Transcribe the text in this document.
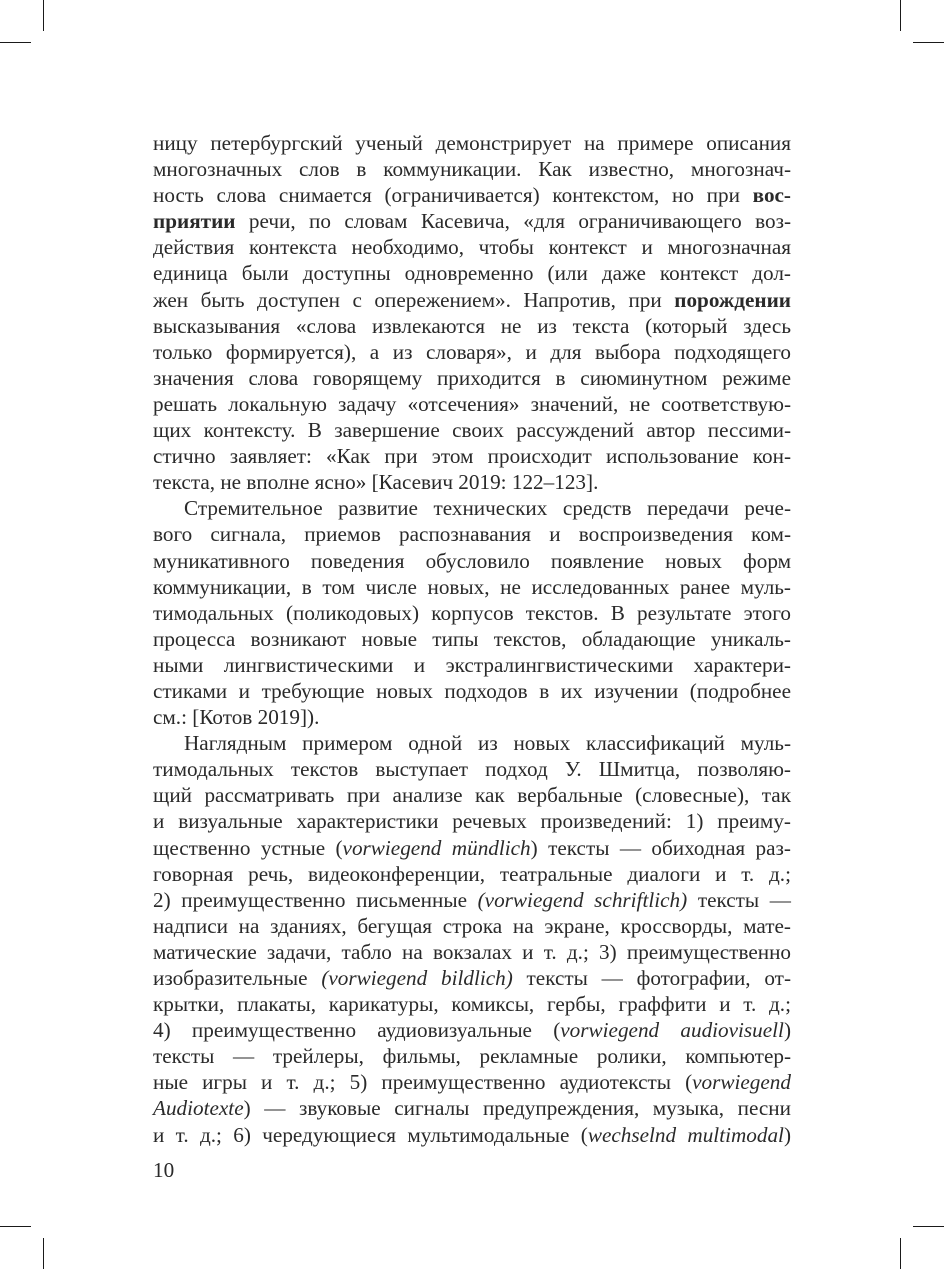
ницу петербургский ученый демонстрирует на примере описания
многозначных слов в коммуникации. Как известно, многознач-
ность слова снимается (ограничивается) контекстом, но при вос-
приятии речи, по словам Касевича, «для ограничивающего воз-
действия контекста необходимо, чтобы контекст и многозначная
единица были доступны одновременно (или даже контекст дол-
жен быть доступен с опережением». Напротив, при порождении
высказывания «слова извлекаются не из текста (который здесь
только формируется), а из словаря», и для выбора подходящего
значения слова говорящему приходится в сиюминутном режиме
решать локальную задачу «отсечения» значений, не соответствую-
щих контексту. В завершение своих рассуждений автор пессими-
стично заявляет: «Как при этом происходит использование кон-
текста, не вполне ясно» [Касевич 2019: 122–123].
Стремительное развитие технических средств передачи рече-
вого сигнала, приемов распознавания и воспроизведения ком-
муникативного поведения обусловило появление новых форм
коммуникации, в том числе новых, не исследованных ранее муль-
тимодальных (поликодовых) корпусов текстов. В результате этого
процесса возникают новые типы текстов, обладающие уникаль-
ными лингвистическими и экстралингвистическими характери-
стиками и требующие новых подходов в их изучении (подробнее
см.: [Котов 2019]).
Наглядным примером одной из новых классификаций муль-
тимодальных текстов выступает подход У. Шмитца, позволяю-
щий рассматривать при анализе как вербальные (словесные), так
и визуальные характеристики речевых произведений: 1) преиму-
щественно устные (vorwiegend mündlich) тексты — обиходная раз-
говорная речь, видеоконференции, театральные диалоги и т. д.;
2) преимущественно письменные (vorwiegend schriftlich) тексты —
надписи на зданиях, бегущая строка на экране, кроссворды, мате-
матические задачи, табло на вокзалах и т. д.; 3) преимущественно
изобразительные (vorwiegend bildlich) тексты — фотографии, от-
крытки, плакаты, карикатуры, комиксы, гербы, граффити и т. д.;
4) преимущественно аудиовизуальные (vorwiegend audiovisuell)
тексты — трейлеры, фильмы, рекламные ролики, компьютер-
ные игры и т. д.; 5) преимущественно аудиотексты (vorwiegend
Audiotexte) — звуковые сигналы предупреждения, музыка, песни
и т. д.; 6) чередующиеся мультимодальные (wechselnd multimodal)
10
